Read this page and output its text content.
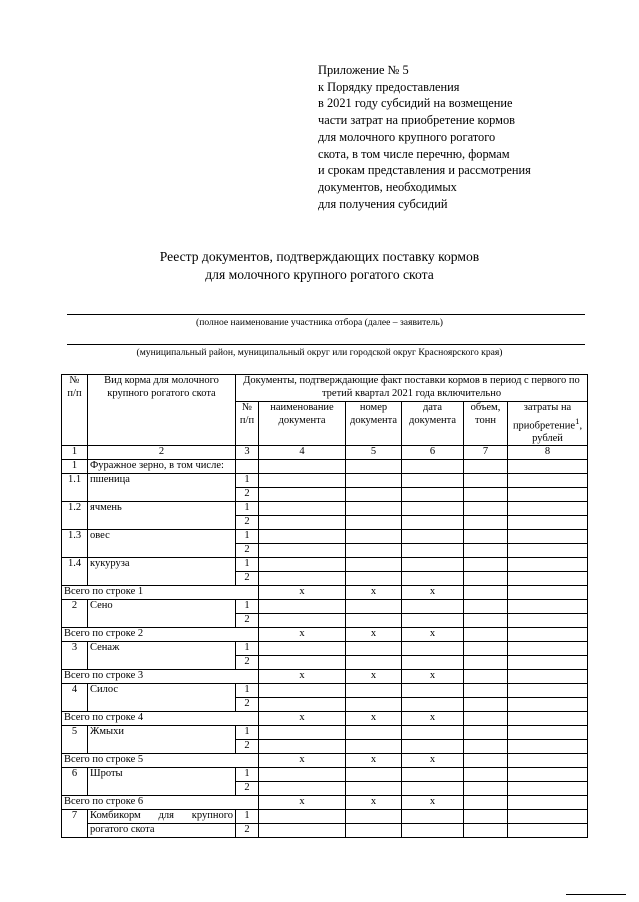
Приложение № 5
к Порядку предоставления
в 2021 году субсидий на возмещение
части затрат на приобретение кормов
для молочного крупного рогатого
скота, в том числе перечню, формам
и срокам представления и рассмотрения
документов, необходимых
для получения субсидий
Реестр документов, подтверждающих поставку кормов
для молочного крупного рогатого скота
(полное наименование участника отбора (далее – заявитель)
(муниципальный район, муниципальный округ или городской округ Красноярского края)
№ п/п	Вид корма для молочного крупного рогатого скота	Документы, подтверждающие факт поставки кормов в период с первого по третий квартал 2021 года включительно					
		№ п/п	наименование документа	номер документа	дата документа	объем, тонн	затраты на приобретение$^1$, рублей
1	2	3	4	5	6	7	8
1	Фуражное зерно, в том числе:						
1.1	пшеница	1					
		2					
1.2	ячмень	1					
		2					
1.3	овес	1					
		2					
1.4	кукуруза	1					
		2					
Всего по строке 1			х	х	х		
2	Сено	1					
		2					
Всего по строке 2			х	х	х		
3	Сенаж	1					
		2					
Всего по строке 3			х	х	х		
4	Силос	1					
		2					
Всего по строке 4			х	х	х		
5	Жмыхи	1					
		2					
Всего по строке 5			х	х	х		
6	Шроты	1					
		2					
Всего по строке 6			х	х	х		
7	Комбикорм для крупного	1					
	рогатого скота	2					
